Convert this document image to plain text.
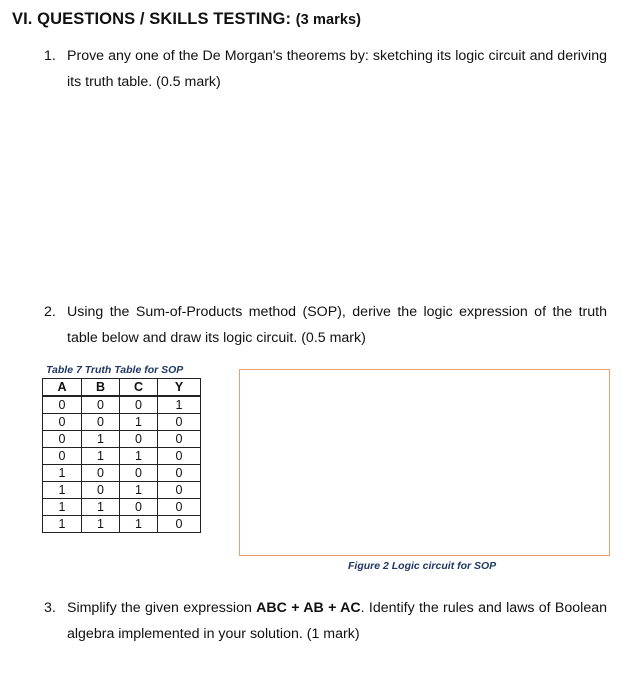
VI. QUESTIONS / SKILLS TESTING: (3 marks)
1. Prove any one of the De Morgan's theorems by: sketching its logic circuit and deriving its truth table. (0.5 mark)
2. Using the Sum-of-Products method (SOP), derive the logic expression of the truth table below and draw its logic circuit. (0.5 mark)
Table 7 Truth Table for SOP
A	B	C	Y
0	0	0	1
0	0	1	0
0	1	0	0
0	1	1	0
1	0	0	0
1	0	1	0
1	1	0	0
1	1	1	0
Figure 2 Logic circuit for SOP
3. Simplify the given expression ABC + AB + AC. Identify the rules and laws of Boolean algebra implemented in your solution. (1 mark)
